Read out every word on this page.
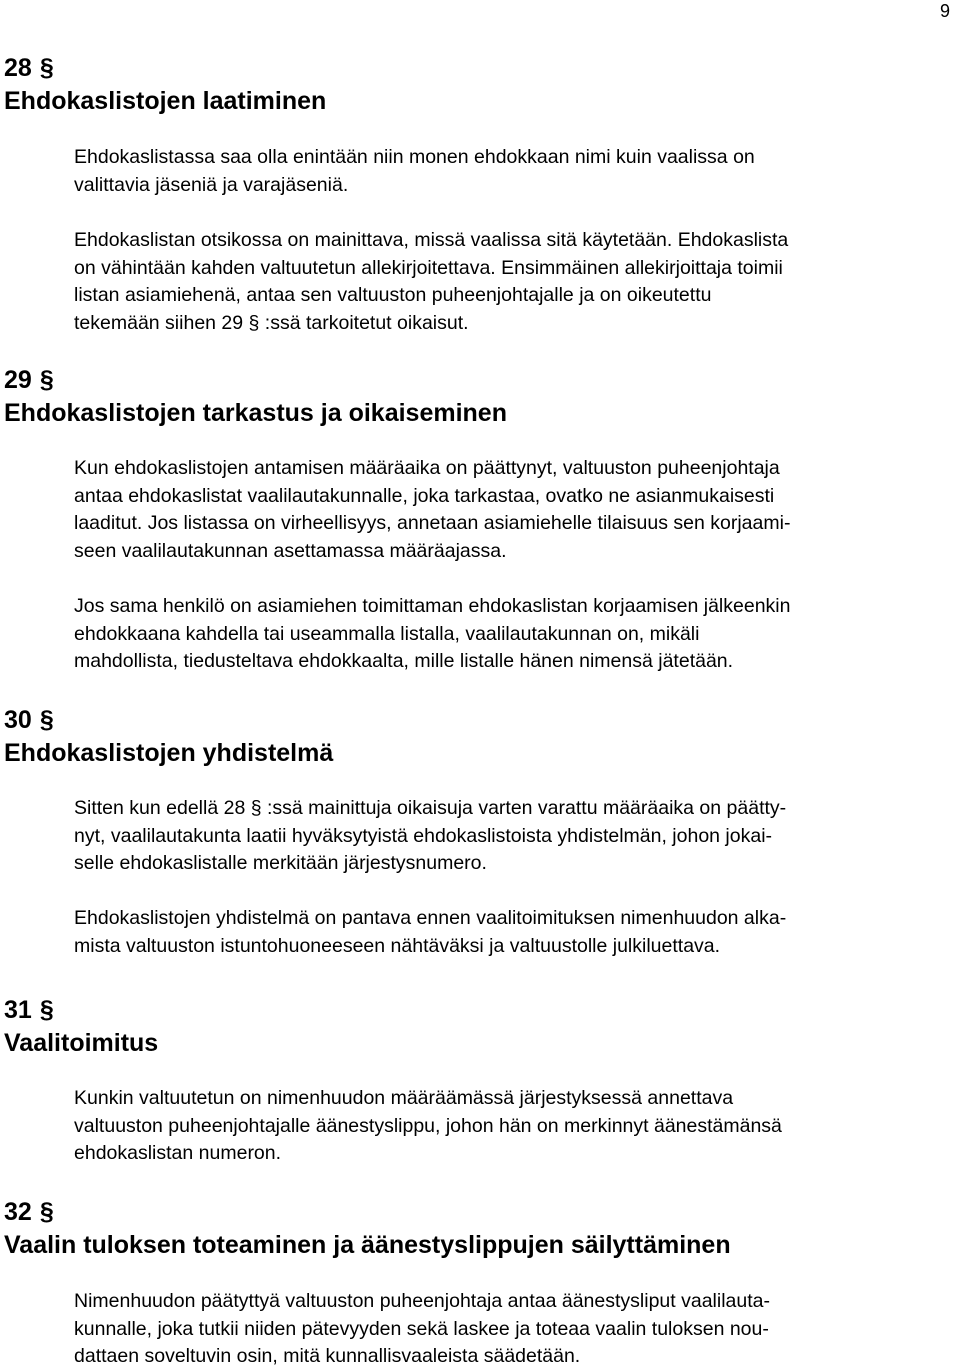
9
28 §
Ehdokaslistojen laatiminen
Ehdokaslistassa saa olla enintään niin monen ehdokkaan nimi kuin vaalissa on
valittavia jäseniä ja varajäseniä.
Ehdokaslistan otsikossa on mainittava, missä vaalissa sitä käytetään. Ehdokaslista
on vähintään kahden valtuutetun allekirjoitettava. Ensimmäinen allekirjoittaja toimii
listan asiamiehenä, antaa sen valtuuston puheenjohtajalle ja on oikeutettu
tekemään siihen 29 § :ssä tarkoitetut oikaisut.
29 §
Ehdokaslistojen tarkastus ja oikaiseminen
Kun ehdokaslistojen antamisen määräaika on päättynyt, valtuuston puheenjohtaja
antaa ehdokaslistat vaalilautakunnalle, joka tarkastaa, ovatko ne asianmukaisesti
laaditut. Jos listassa on virheellisyys, annetaan asiamiehelle tilaisuus sen korjaami-
seen vaalilautakunnan asettamassa määräajassa.
Jos sama henkilö on asiamiehen toimittaman ehdokaslistan korjaamisen jälkeenkin
ehdokkaana kahdella tai useammalla listalla, vaalilautakunnan on, mikäli
mahdollista, tiedusteltava ehdokkaalta, mille listalle hänen nimensä jätetään.
30 §
Ehdokaslistojen yhdistelmä
Sitten kun edellä 28 § :ssä mainittuja oikaisuja varten varattu määräaika on päätty-
nyt, vaalilautakunta laatii hyväksytyistä ehdokaslistoista yhdistelmän, johon jokai-
selle ehdokaslistalle merkitään järjestysnumero.
Ehdokaslistojen yhdistelmä on pantava ennen vaalitoimituksen nimenhuudon alka-
mista valtuuston istuntohuoneeseen nähtäväksi ja valtuustolle julkiluettava.
31 §
Vaalitoimitus
Kunkin valtuutetun on nimenhuudon määräämässä järjestyksessä annettava
valtuuston puheenjohtajalle äänestyslippu, johon hän on merkinnyt äänestämänsä
ehdokaslistan numeron.
32 §
Vaalin tuloksen toteaminen ja äänestyslippujen säilyttäminen
Nimenhuudon päätyttyä valtuuston puheenjohtaja antaa äänestysliput vaalilauta-
kunnalle, joka tutkii niiden pätevyyden sekä laskee ja toteaa vaalin tuloksen nou-
dattaen soveltuvin osin, mitä kunnallisvaaleista säädetään.
